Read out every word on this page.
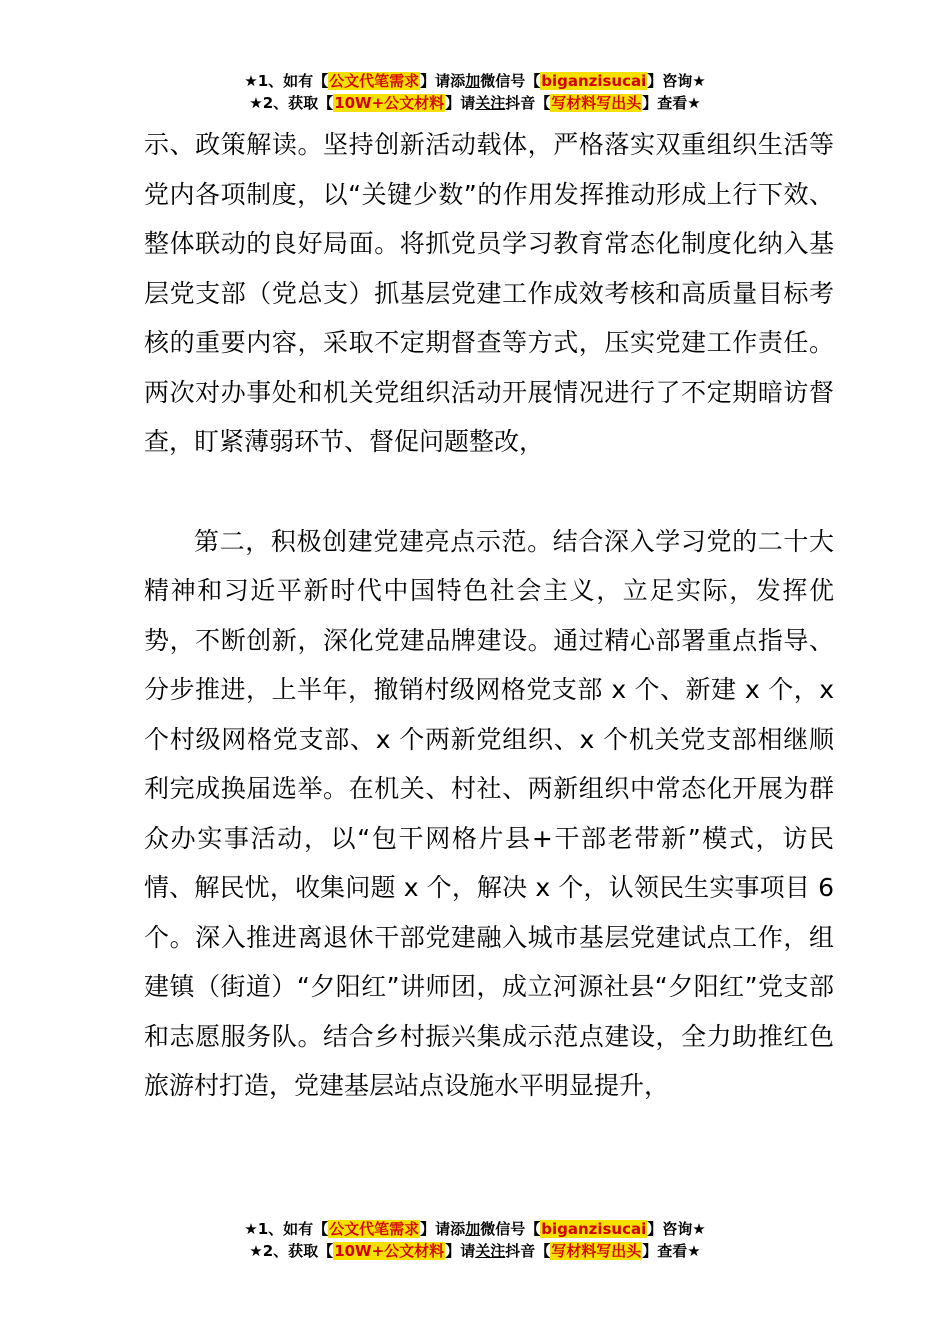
★1、如有【公文代笔需求】请添加微信号【biganzisucai】咨询★
★2、获取【10W+公文材料】请关注抖音【写材料写出头】查看★

示、政策解读。坚持创新活动载体，严格落实双重组织生活等党内各项制度，以“关键少数”的作用发挥推动形成上行下效、整体联动的良好局面。将抓党员学习教育常态化制度化纳入基层党支部（党总支）抓基层党建工作成效考核和高质量目标考核的重要内容，采取不定期督查等方式，压实党建工作责任。两次对办事处和机关党组织活动开展情况进行了不定期暗访督查，盯紧薄弱环节、督促问题整改，

第二，积极创建党建亮点示范。结合深入学习党的二十大精神和习近平新时代中国特色社会主义，立足实际，发挥优势，不断创新，深化党建品牌建设。通过精心部署重点指导、分步推进，上半年，撤销村级网格党支部 x 个、新建 x 个，x 个村级网格党支部、x 个两新党组织、x 个机关党支部相继顺利完成换届选举。在机关、村社、两新组织中常态化开展为群众办实事活动，以“包干网格片县+干部老带新”模式，访民情、解民忧，收集问题 x 个，解决 x 个，认领民生实事项目 6 个。深入推进离退休干部党建融入城市基层党建试点工作，组建镇（街道）“夕阳红”讲师团，成立河源社县“夕阳红”党支部和志愿服务队。结合乡村振兴集成示范点建设，全力助推红色旅游村打造，党建基层站点设施水平明显提升，

★1、如有【公文代笔需求】请添加微信号【biganzisucai】咨询★
★2、获取【10W+公文材料】请关注抖音【写材料写出头】查看★
